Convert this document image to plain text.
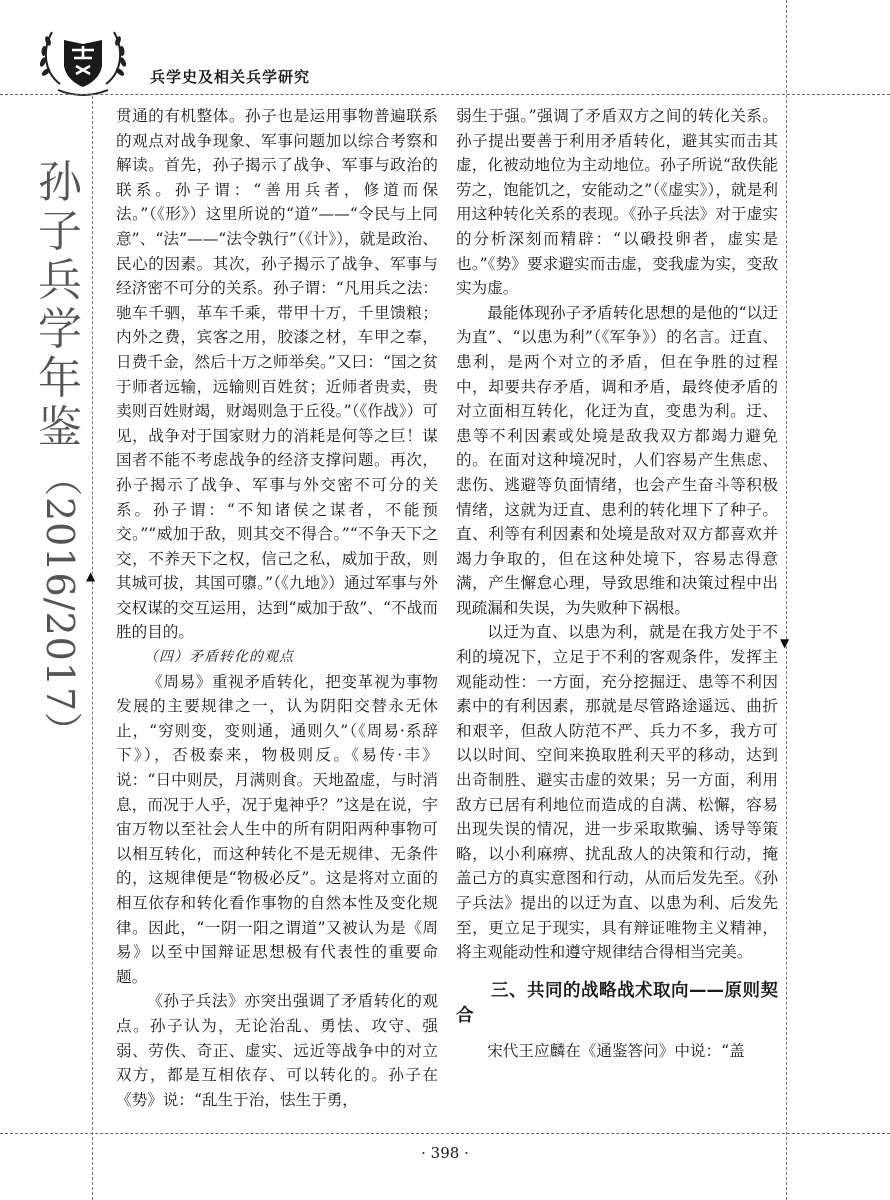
兵学史及相关兵学研究
▲
▼
孙
子
兵
学
年
鉴
（2016/2017）

贯通的有机整体。孙子也是运用事物普遍联系的观点对战争现象、军事问题加以综合考察和解读。首先，孙子揭示了战争、军事与政治的联系。孙子谓：“善用兵者，修道而保法。”（《形》）这里所说的“道”——“令民与上同意”、“法”——“法令孰行”（《计》），就是政治、民心的因素。其次，孙子揭示了战争、军事与经济密不可分的关系。孙子谓：“凡用兵之法：驰车千驷，革车千乘，带甲十万，千里馈粮；内外之费，宾客之用，胶漆之材，车甲之奉，日费千金，然后十万之师举矣。”又曰：“国之贫于师者远输，远输则百姓贫；近师者贵卖，贵卖则百姓财竭，财竭则急于丘役。”（《作战》）可见，战争对于国家财力的消耗是何等之巨！谋国者不能不考虑战争的经济支撑问题。再次，孙子揭示了战争、军事与外交密不可分的关系。孙子谓：“不知诸侯之谋者，不能预交。”“威加于敌，则其交不得合。”“不争天下之交，不养天下之权，信己之私，威加于敌，则其城可拔，其国可隳。”（《九地》）通过军事与外交权谋的交互运用，达到“威加于敌”、“不战而胜的目的。

（四）矛盾转化的观点

《周易》重视矛盾转化，把变革视为事物发展的主要规律之一，认为阴阳交替永无休止，“穷则变，变则通，通则久”（《周易·系辞下》），否极泰来，物极则反。《易传·丰》说：“日中则昃，月满则食。天地盈虚，与时消息，而况于人乎，况于鬼神乎？”这是在说，宇宙万物以至社会人生中的所有阴阳两种事物可以相互转化，而这种转化不是无规律、无条件的，这规律便是“物极必反”。这是将对立面的相互依存和转化看作事物的自然本性及变化规律。因此，“一阴一阳之谓道”又被认为是《周易》以至中国辩证思想极有代表性的重要命题。

《孙子兵法》亦突出强调了矛盾转化的观点。孙子认为，无论治乱、勇怯、攻守、强弱、劳佚、奇正、虚实、远近等战争中的对立双方，都是互相依存、可以转化的。孙子在《势》说：“乱生于治，怯生于勇，

弱生于强。”强调了矛盾双方之间的转化关系。孙子提出要善于利用矛盾转化，避其实而击其虚，化被动地位为主动地位。孙子所说“敌佚能劳之，饱能饥之，安能动之”（《虚实》），就是利用这种转化关系的表现。《孙子兵法》对于虚实的分析深刻而精辟：“以碫投卵者，虚实是也。”《势》要求避实而击虚，变我虚为实，变敌实为虚。

最能体现孙子矛盾转化思想的是他的“以迂为直”、“以患为利”（《军争》）的名言。迂直、患利，是两个对立的矛盾，但在争胜的过程中，却要共存矛盾，调和矛盾，最终使矛盾的对立面相互转化，化迂为直，变患为利。迂、患等不利因素或处境是敌我双方都竭力避免的。在面对这种境况时，人们容易产生焦虑、悲伤、逃避等负面情绪，也会产生奋斗等积极情绪，这就为迂直、患利的转化埋下了种子。直、利等有利因素和处境是敌对双方都喜欢并竭力争取的，但在这种处境下，容易志得意满，产生懈怠心理，导致思维和决策过程中出现疏漏和失误，为失败种下祸根。

以迂为直、以患为利，就是在我方处于不利的境况下，立足于不利的客观条件，发挥主观能动性：一方面，充分挖掘迂、患等不利因素中的有利因素，那就是尽管路途遥远、曲折和艰辛，但敌人防范不严、兵力不多，我方可以以时间、空间来换取胜利天平的移动，达到出奇制胜、避实击虚的效果；另一方面，利用敌方已居有利地位而造成的自满、松懈，容易出现失误的情况，进一步采取欺骗、诱导等策略，以小利麻痹、扰乱敌人的决策和行动，掩盖己方的真实意图和行动，从而后发先至。《孙子兵法》提出的以迂为直、以患为利、后发先至，更立足于现实，具有辩证唯物主义精神，将主观能动性和遵守规律结合得相当完美。

三、共同的战略战术取向——原则契合

宋代王应麟在《通鉴答问》中说：“盖

· 398 ·
